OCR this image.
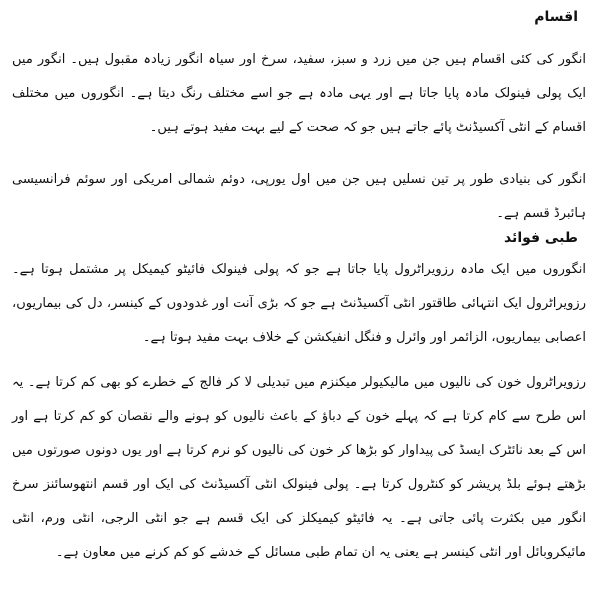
اقسام

انگور کی کئی اقسام ہیں جن میں زرد و سبز، سفید، سرخ اور سیاہ انگور زیادہ مقبول ہیں۔ انگور میں ایک پولی فینولک مادہ پایا جاتا ہے اور یہی مادہ ہے جو اسے مختلف رنگ دیتا ہے۔ انگوروں میں مختلف اقسام کے انٹی آکسیڈنٹ پائے جاتے ہیں جو کہ صحت کے لیے بہت مفید ہوتے ہیں۔

انگور کی بنیادی طور پر تین نسلیں ہیں جن میں اول یورپی، دوئم شمالی امریکی اور سوئم فرانسیسی ہائبرڈ قسم ہے۔

طبی فوائد

انگوروں میں ایک مادہ رزویراٹرول پایا جاتا ہے جو کہ پولی فینولک فائیٹو کیمیکل پر مشتمل ہوتا ہے۔ رزویراٹرول ایک انتہائی طاقتور انٹی آکسیڈنٹ ہے جو کہ بڑی آنت اور غدودوں کے کینسر، دل کی بیماریوں، اعصابی بیماریوں، الزائمر اور وائرل و فنگل انفیکشن کے خلاف بہت مفید ہوتا ہے۔

رزویراٹرول خون کی نالیوں میں مالیکیولر میکنزم میں تبدیلی لا کر فالج کے خطرے کو بھی کم کرتا ہے۔ یہ اس طرح سے کام کرتا ہے کہ پہلے خون کے دباؤ کے باعث نالیوں کو ہونے والے نقصان کو کم کرتا ہے اور اس کے بعد نائٹرک ایسڈ کی پیداوار کو بڑھا کر خون کی نالیوں کو نرم کرتا ہے اور یوں دونوں صورتوں میں بڑھتے ہوئے بلڈ پریشر کو کنٹرول کرتا ہے۔ پولی فینولک انٹی آکسیڈنٹ کی ایک اور قسم انتھوسائنز سرخ انگور میں بکثرت پائی جاتی ہے۔ یہ فائیٹو کیمیکلز کی ایک قسم ہے جو انٹی الرجی، انٹی ورم، انٹی مائیکروبائل اور انٹی کینسر ہے یعنی یہ ان تمام طبی مسائل کے خدشے کو کم کرنے میں معاون ہے۔
